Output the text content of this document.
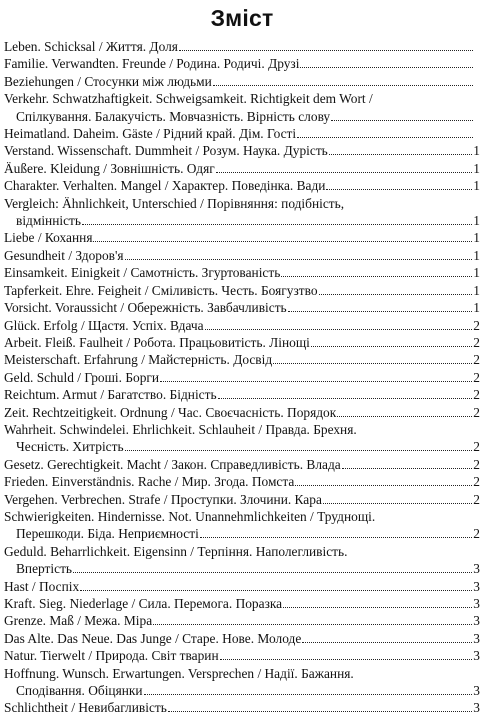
Зміст
Leben. Schicksal / Життя. Доля
Familie. Verwandten. Freunde / Родина. Родичі. Друзі
Beziehungen / Стосунки між людьми
Verkehr. Schwatzhaftigkeit. Schweigsamkeit. Richtigkeit dem Wort /
Спілкування. Балакучість. Мовчазність. Вірність слову
Heimatland. Daheim. Gäste / Рідний край. Дім. Гості
Verstand. Wissenschaft. Dummheit / Розум. Наука. Дурість	1
Äußere. Kleidung / Зовнішність. Одяг	1
Charakter. Verhalten. Mangel / Характер. Поведінка. Вади	1
Vergleich: Ähnlichkeit, Unterschied / Порівняння: подібність,
відмінність	1
Liebe / Кохання	1
Gesundheit / Здоров'я	1
Einsamkeit. Einigkeit / Самотність. Згуртованість	1
Tapferkeit. Ehre. Feigheit / Сміливість. Честь. Боягузтво	1
Vorsicht. Voraussicht / Обережність. Завбачливість	1
Glück. Erfolg / Щастя. Успіх. Вдача	2
Arbeit. Fleiß. Faulheit / Робота. Працьовитість. Лінощі	2
Meisterschaft. Erfahrung / Майстерність. Досвід	2
Geld. Schuld / Гроші. Борги	2
Reichtum. Armut / Багатство. Бідність	2
Zeit. Rechtzeitigkeit. Ordnung / Час. Своєчасність. Порядок	2
Wahrheit. Schwindelei. Ehrlichkeit. Schlauheit / Правда. Брехня.
Чесність. Хитрість	2
Gesetz. Gerechtigkeit. Macht / Закон. Справедливість. Влада	2
Frieden. Einverständnis. Rache / Мир. Згода. Помста	2
Vergehen. Verbrechen. Strafe / Проступки. Злочини. Кара	2
Schwierigkeiten. Hindernisse. Not. Unannehmlichkeiten / Труднощі.
Перешкоди. Біда. Неприємності	2
Geduld. Beharrlichkeit. Eigensinn / Терпіння. Наполегливість.
Впертість	3
Hast / Поспіх	3
Kraft. Sieg. Niederlage / Сила. Перемога. Поразка	3
Grenze. Maß / Межа. Міра	3
Das Alte. Das Neue. Das Junge / Старе. Нове. Молоде	3
Natur. Tierwelt / Природа. Світ тварин	3
Hoffnung. Wunsch. Erwartungen. Versprechen / Надії. Бажання.
Сподівання. Обіцянки	3
Schlichtheit / Невибагливість	3
